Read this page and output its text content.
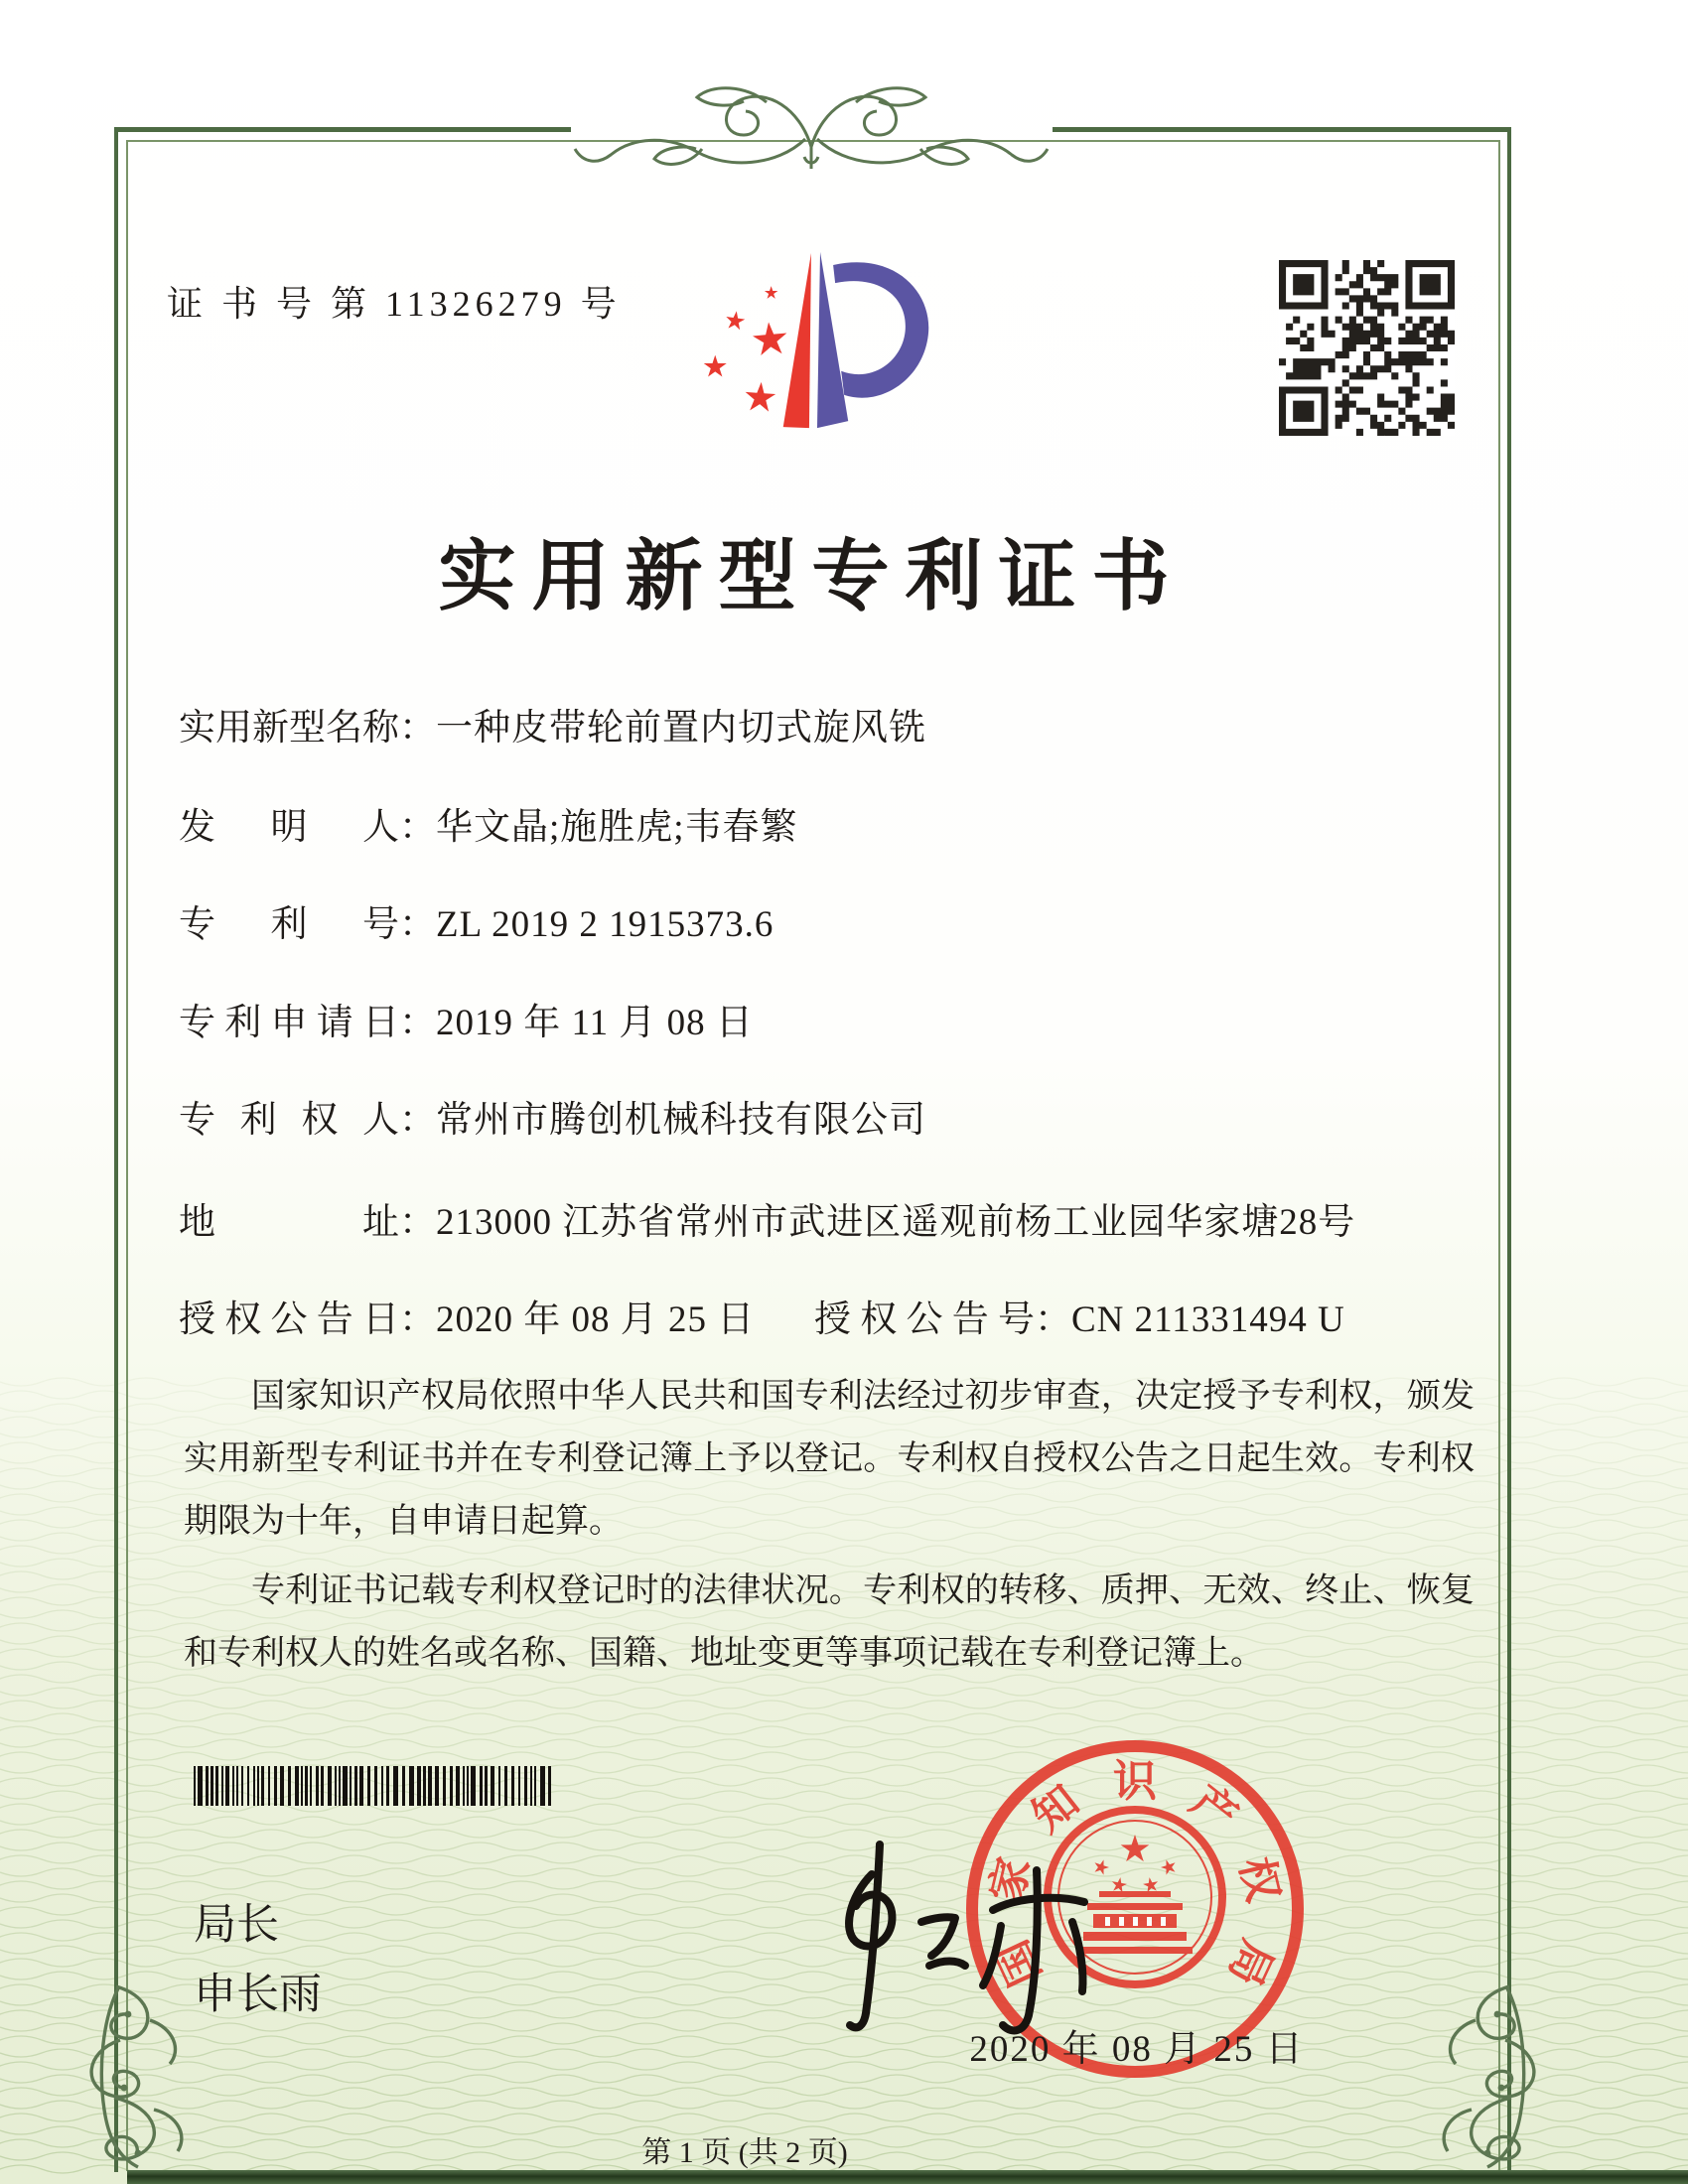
证 书 号 第 11326279 号
实用新型专利证书
实用新型名称：一种皮带轮前置内切式旋风铣
发明人：华文晶;施胜虎;韦春繁
专利号：ZL 2019 2 1915373.6
专利申请日：2019 年 11 月 08 日
专利权人：常州市腾创机械科技有限公司
地址：213000 江苏省常州市武进区遥观前杨工业园华家塘28号
授权公告日：2020 年 08 月 25 日 授权公告号：CN 211331494 U

国家知识产权局依照中华人民共和国专利法经过初步审查，决定授予专利权，颁发实用新型专利证书并在专利登记簿上予以登记。专利权自授权公告之日起生效。专利权期限为十年，自申请日起算。

专利证书记载专利权登记时的法律状况。专利权的转移、质押、无效、终止、恢复和专利权人的姓名或名称、国籍、地址变更等事项记载在专利登记簿上。

局长
申长雨
国
家
知 识 产
权
局
2020 年 08 月 25 日
第 1 页 (共 2 页)
